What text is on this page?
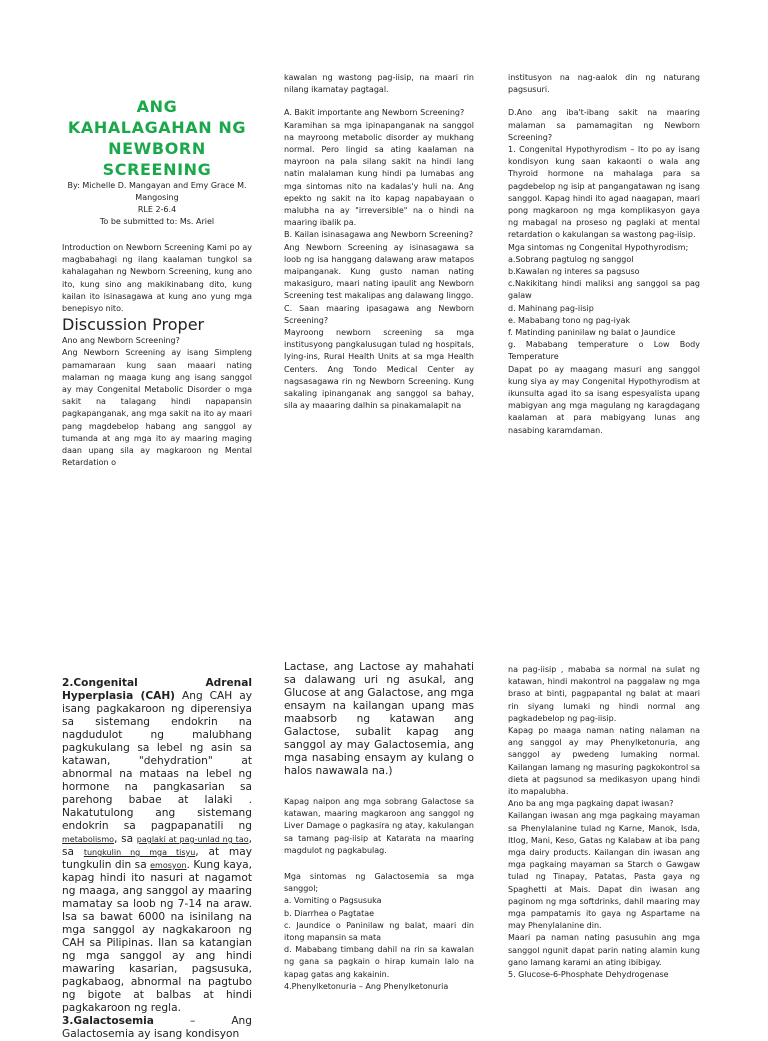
ANG KAHALAGAHAN NG NEWBORN SCREENING

By: Michelle D. Mangayan and Emy Grace M. Mangosing

RLE 2-6.4

To be submitted to: Ms. Ariel

Introduction on Newborn Screening Kami po ay magbabahagi ng ilang kaalaman tungkol sa kahalagahan ng Newborn Screening, kung ano ito, kung sino ang makikinabang dito, kung kailan ito isinasagawa at kung ano yung mga benepisyo nito.

Discussion Proper

Ano ang Newborn Screening?

Ang Newborn Screening ay isang Simpleng pamamaraan kung saan maaari nating malaman ng maaga kung ang isang sanggol ay may Congenital Metabolic Disorder o mga sakit na talagang hindi napapansin pagkapanganak, ang mga sakit na ito ay maari pang magdebelop habang ang sanggol ay tumanda at ang mga ito ay maaring maging daan upang sila ay magkaroon ng Mental Retardation o

kawalan ng wastong pag-iisip, na maari rin nilang ikamatay pagtagal.

A. Bakit importante ang Newborn Screening?

Karamihan sa mga ipinapanganak na sanggol na mayroong metabolic disorder ay mukhang normal. Pero lingid sa ating kaalaman na mayroon na pala silang sakit na hindi lang natin malalaman kung hindi pa lumabas ang mga sintomas nito na kadalas'y huli na. Ang epekto ng sakit na ito kapag napabayaan o malubha na ay "irreversible" na o hindi na maaring ibalik pa.

B. Kailan isinasagawa ang Newborn Screening?

Ang Newborn Screening ay isinasagawa sa loob ng isa hanggang dalawang araw matapos maipanganak. Kung gusto naman nating makasiguro, maari nating ipaulit ang Newborn Screening test makalipas ang dalawang linggo.

C. Saan maaring ipasagawa ang Newborn Screening?

Mayroong newborn screening sa mga institusyong pangkalusugan tulad ng hospitals, lying-ins, Rural Health Units at sa mga Health Centers. Ang Tondo Medical Center ay nagsasagawa rin ng Newborn Screening. Kung sakaling ipinanganak ang sanggol sa bahay, sila ay maaaring dalhin sa pinakamalapit na

institusyon na nag-aalok din ng naturang pagsusuri.

D.Ano ang iba't-ibang sakit na maaring malaman sa pamamagitan ng Newborn Screening?

1. Congenital Hypothyrodism – Ito po ay isang kondisyon kung saan kakaonti o wala ang Thyroid hormone na mahalaga para sa pagdebelop ng isip at pangangatawan ng isang sanggol. Kapag hindi ito agad naagapan, maari pong magkaroon ng mga komplikasyon gaya ng mabagal na proseso ng paglaki at mental retardation o kakulangan sa wastong pag-iisip.

Mga sintomas ng Congenital Hypothyrodism;

a.Sobrang pagtulog ng sanggol

b.Kawalan ng interes sa pagsuso

c.Nakikitang hindi maliksi ang sanggol sa pag galaw

d. Mahinang pag-iisip

e. Mababang tono ng pag-iyak

f. Matinding paninilaw ng balat o Jaundice

g. Mababang temperature o Low Body Temperature

Dapat po ay maagang masuri ang sanggol kung siya ay may Congenital Hypothyrodism at ikunsulta agad ito sa isang espesyalista upang mabigyan ang mga magulang ng karagdagang kaalaman at para mabigyang lunas ang nasabing karamdaman.

2.Congenital Adrenal Hyperplasia (CAH) Ang CAH ay isang pagkakaroon ng diperensiya sa sistemang endokrin na nagdudulot ng malubhang pagkukulang sa lebel ng asin sa katawan, "dehydration" at abnormal na mataas na lebel ng hormone na pangkasarian sa parehong babae at lalaki . Nakatutulong ang sistemang endokrin sa pagpapanatili ng metabolismo, sa paglaki at pag-unlad ng tao, sa tungkulin ng mga tisyu, at may tungkulin din sa emosyon. Kung kaya, kapag hindi ito nasuri at nagamot ng maaga, ang sanggol ay maaring mamatay sa loob ng 7-14 na araw. Isa sa bawat 6000 na isinilang na mga sanggol ay nagkakaroon ng CAH sa Pilipinas. Ilan sa katangian ng mga sanggol ay ang hindi mawaring kasarian, pagsusuka, pagkabaog, abnormal na pagtubo ng bigote at balbas at hindi pagkakaroon ng regla.

3.Galactosemia – Ang Galactosemia ay isang kondisyon

Lactase, ang Lactose ay mahahati sa dalawang uri ng asukal, ang Glucose at ang Galactose, ang mga ensaym na kailangan upang mas maabsorb ng katawan ang Galactose, subalit kapag ang sanggol ay may Galactosemia, ang mga nasabing ensaym ay kulang o halos nawawala na.)

Kapag naipon ang mga sobrang Galactose sa katawan, maaring magkaroon ang sanggol ng Liver Damage o pagkasira ng atay, kakulangan sa tamang pag-iisip at Katarata na maaring magdulot ng pagkabulag.

Mga sintomas ng Galactosemia sa mga sanggol;

a. Vomiting o Pagsusuka

b. Diarrhea o Pagtatae

c. Jaundice o Paninilaw ng balat, maari din itong mapansin sa mata

d. Mababang timbang dahil na rin sa kawalan ng gana sa pagkain o hirap kumain lalo na kapag gatas ang kakainin.

4.Phenylketonuria – Ang Phenylketonuria

na pag-iisip , mababa sa normal na sulat ng katawan, hindi makontrol na paggalaw ng mga braso at binti, pagpapantal ng balat at maari rin siyang lumaki ng hindi normal ang pagkadebelop ng pag-iisip.

Kapag po maaga naman nating nalaman na ang sanggol ay may Phenylketonuria, ang sanggol ay pwedeng lumaking normal. Kailangan lamang ng masuring pagkokontrol sa dieta at pagsunod sa medikasyon upang hindi ito mapalubha.

Ano ba ang mga pagkaing dapat iwasan?

Kailangan iwasan ang mga pagkaing mayaman sa Phenylalanine tulad ng Karne, Manok, Isda, Itlog, Mani, Keso, Gatas ng Kalabaw at iba pang mga dairy products. Kailangan din iwasan ang mga pagkaing mayaman sa Starch o Gawgaw tulad ng Tinapay, Patatas, Pasta gaya ng Spaghetti at Mais. Dapat din iwasan ang paginom ng mga softdrinks, dahil maaring may mga pampatamis ito gaya ng Aspartame na may Phenylalanine din.

Maari pa naman nating pasusuhin ang mga sanggol ngunit dapat parin nating alamin kung gano lamang karami an ating ibibigay.

5. Glucose-6-Phosphate Dehydrogenase
